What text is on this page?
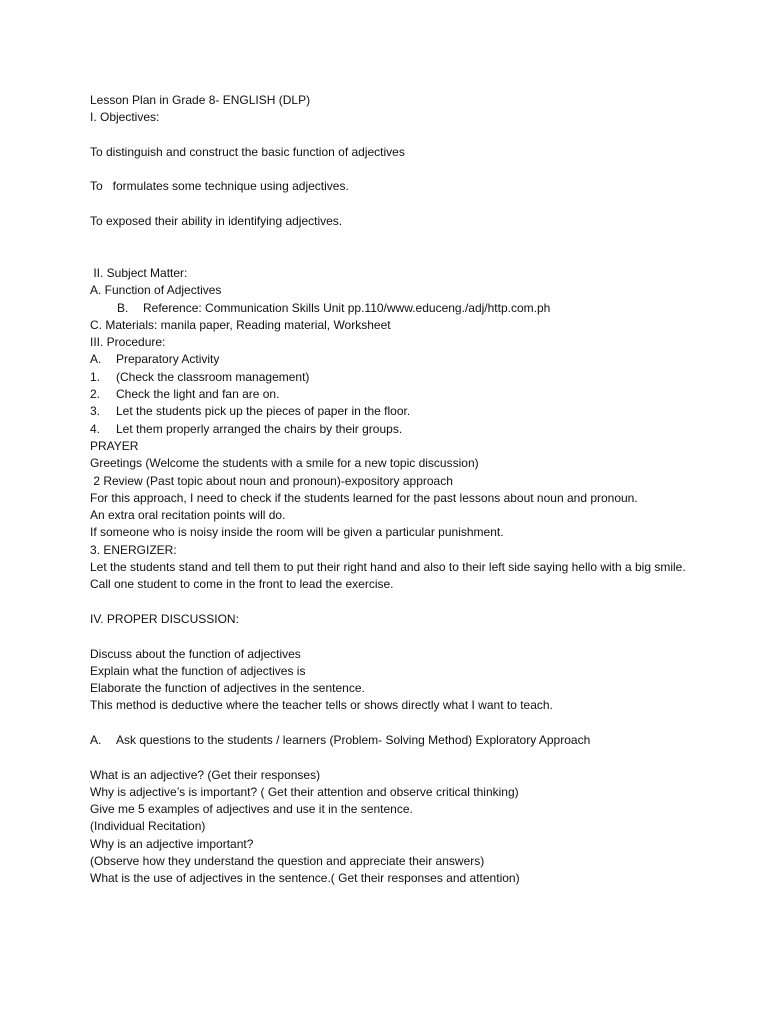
Lesson Plan in Grade 8- ENGLISH (DLP)
I. Objectives:
To distinguish and construct the basic function of adjectives
To   formulates some technique using adjectives.
To exposed their ability in identifying adjectives.
II. Subject Matter:
A. Function of Adjectives
B. Reference: Communication Skills Unit pp.110/www.educeng./adj/http.com.ph
C. Materials: manila paper, Reading material, Worksheet
III. Procedure:
A. Preparatory Activity
1. (Check the classroom management)
2. Check the light and fan are on.
3. Let the students pick up the pieces of paper in the floor.
4. Let them properly arranged the chairs by their groups.
PRAYER
Greetings (Welcome the students with a smile for a new topic discussion)
2 Review (Past topic about noun and pronoun)-expository approach
For this approach, I need to check if the students learned for the past lessons about noun and pronoun.
An extra oral recitation points will do.
If someone who is noisy inside the room will be given a particular punishment.
3. ENERGIZER:
Let the students stand and tell them to put their right hand and also to their left side saying hello with a big smile.
Call one student to come in the front to lead the exercise.
IV. PROPER DISCUSSION:
Discuss about the function of adjectives
Explain what the function of adjectives is
Elaborate the function of adjectives in the sentence.
This method is deductive where the teacher tells or shows directly what I want to teach.
A. Ask questions to the students / learners (Problem- Solving Method) Exploratory Approach
What is an adjective? (Get their responses)
Why is adjective’s is important? ( Get their attention and observe critical thinking)
Give me 5 examples of adjectives and use it in the sentence.
(Individual Recitation)
Why is an adjective important?
(Observe how they understand the question and appreciate their answers)
What is the use of adjectives in the sentence.( Get their responses and attention)
